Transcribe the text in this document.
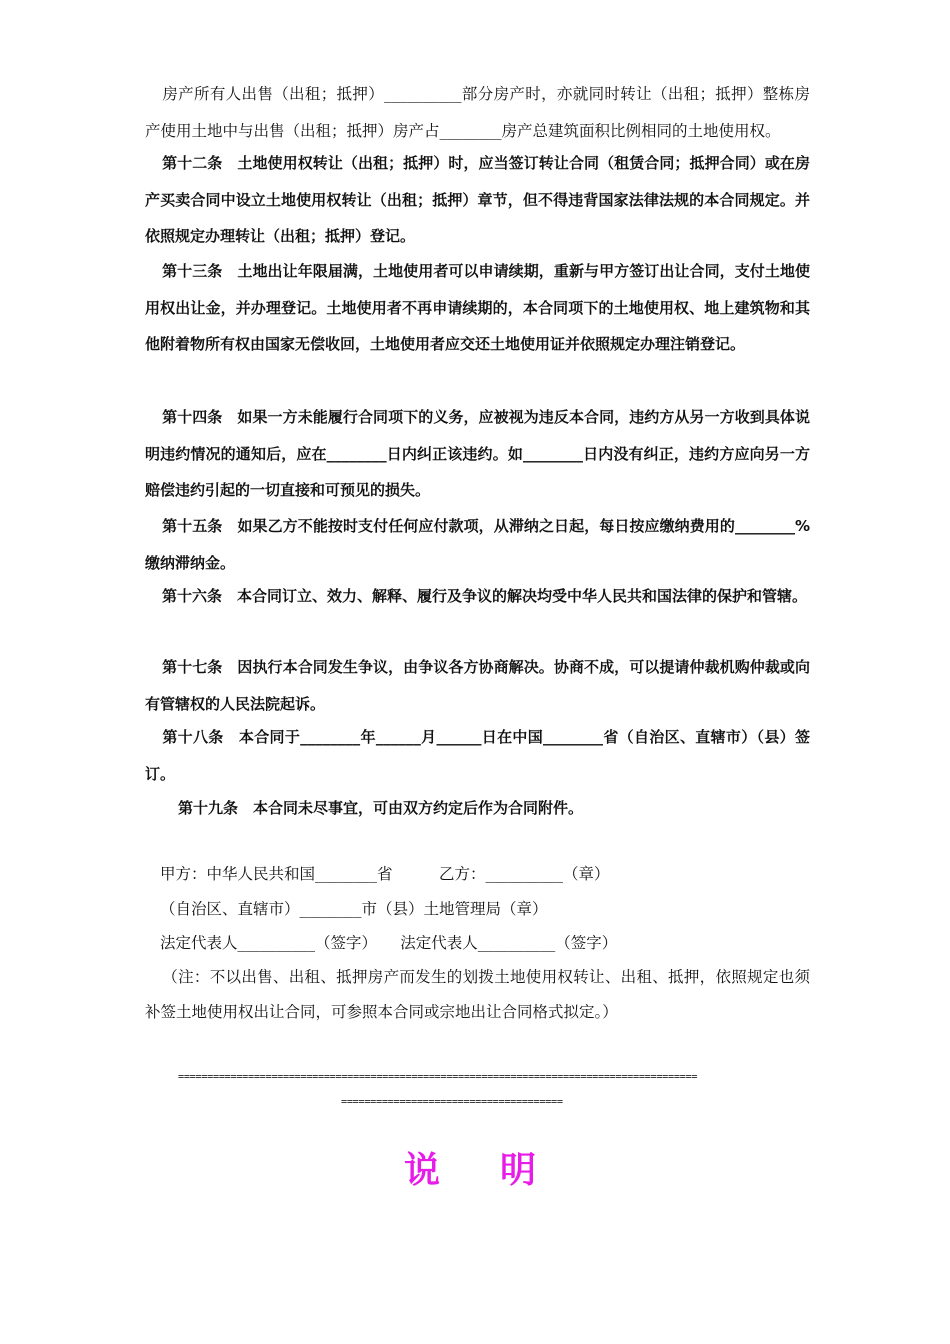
房产所有人出售（出租；抵押）__________部分房产时，亦就同时转让（出租；抵押）整栋房产使用土地中与出售（出租；抵押）房产占________房产总建筑面积比例相同的土地使用权。

第十二条　土地使用权转让（出租；抵押）时，应当签订转让合同（租赁合同；抵押合同）或在房产买卖合同中设立土地使用权转让（出租；抵押）章节，但不得违背国家法律法规的本合同规定。并依照规定办理转让（出租；抵押）登记。

第十三条　土地出让年限届满，土地使用者可以申请续期，重新与甲方签订出让合同，支付土地使用权出让金，并办理登记。土地使用者不再申请续期的，本合同项下的土地使用权、地上建筑物和其他附着物所有权由国家无偿收回，土地使用者应交还土地使用证并依照规定办理注销登记。

第十四条　如果一方未能履行合同项下的义务，应被视为违反本合同，违约方从另一方收到具体说明违约情况的通知后，应在________日内纠正该违约。如________日内没有纠正，违约方应向另一方赔偿违约引起的一切直接和可预见的损失。

第十五条　如果乙方不能按时支付任何应付款项，从滞纳之日起，每日按应缴纳费用的________%缴纳滞纳金。

第十六条　本合同订立、效力、解释、履行及争议的解决均受中华人民共和国法律的保护和管辖。

第十七条　因执行本合同发生争议，由争议各方协商解决。协商不成，可以提请仲裁机购仲裁或向有管辖权的人民法院起诉。

第十八条　本合同于________年______月______日在中国________省（自治区、直辖市）（县）签订。

第十九条　本合同未尽事宜，可由双方约定后作为合同附件。

甲方：中华人民共和国________省　　　乙方：__________（章）

（自治区、直辖市）________市（县）土地管理局（章）

法定代表人__________（签字）　　法定代表人__________（签字）

（注：不以出售、出租、抵押房产而发生的划拨土地使用权转让、出租、抵押，依照规定也须补签土地使用权出让合同，可参照本合同或宗地出让合同格式拟定。）

=========================================================================================
======================================
说明
